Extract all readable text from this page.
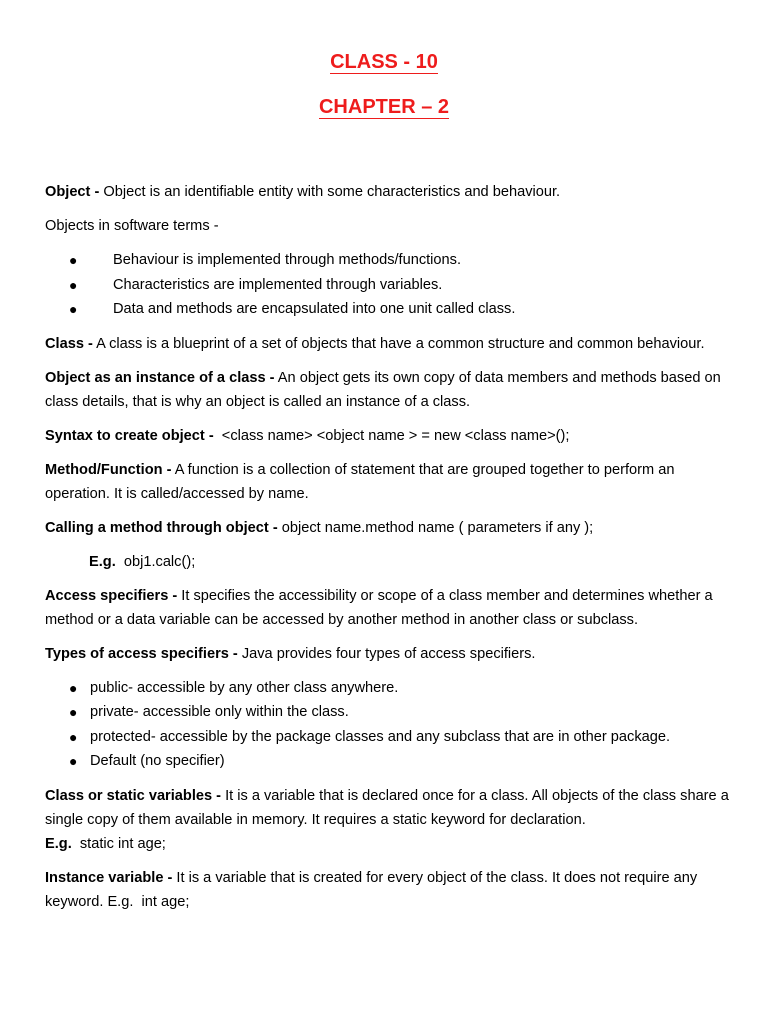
CLASS - 10
CHAPTER – 2

Object - Object is an identifiable entity with some characteristics and behaviour.

Objects in software terms -

● Behaviour is implemented through methods/functions.
● Characteristics are implemented through variables.
● Data and methods are encapsulated into one unit called class.

Class - A class is a blueprint of a set of objects that have a common structure and common behaviour.

Object as an instance of a class - An object gets its own copy of data members and methods based on class details, that is why an object is called an instance of a class.

Syntax to create object -  <class name> <object name > = new <class name>();

Method/Function - A function is a collection of statement that are grouped together to perform an operation. It is called/accessed by name.

Calling a method through object - object name.method name ( parameters if any );

E.g.  obj1.calc();

Access specifiers - It specifies the accessibility or scope of a class member and determines whether a method or a data variable can be accessed by another method in another class or subclass.

Types of access specifiers - Java provides four types of access specifiers.

● public- accessible by any other class anywhere.
● private- accessible only within the class.
● protected- accessible by the package classes and any subclass that are in other package.
● Default (no specifier)

Class or static variables - It is a variable that is declared once for a class. All objects of the class share a single copy of them available in memory. It requires a static keyword for declaration.
E.g.  static int age;

Instance variable - It is a variable that is created for every object of the class. It does not require any keyword. E.g.  int age;
